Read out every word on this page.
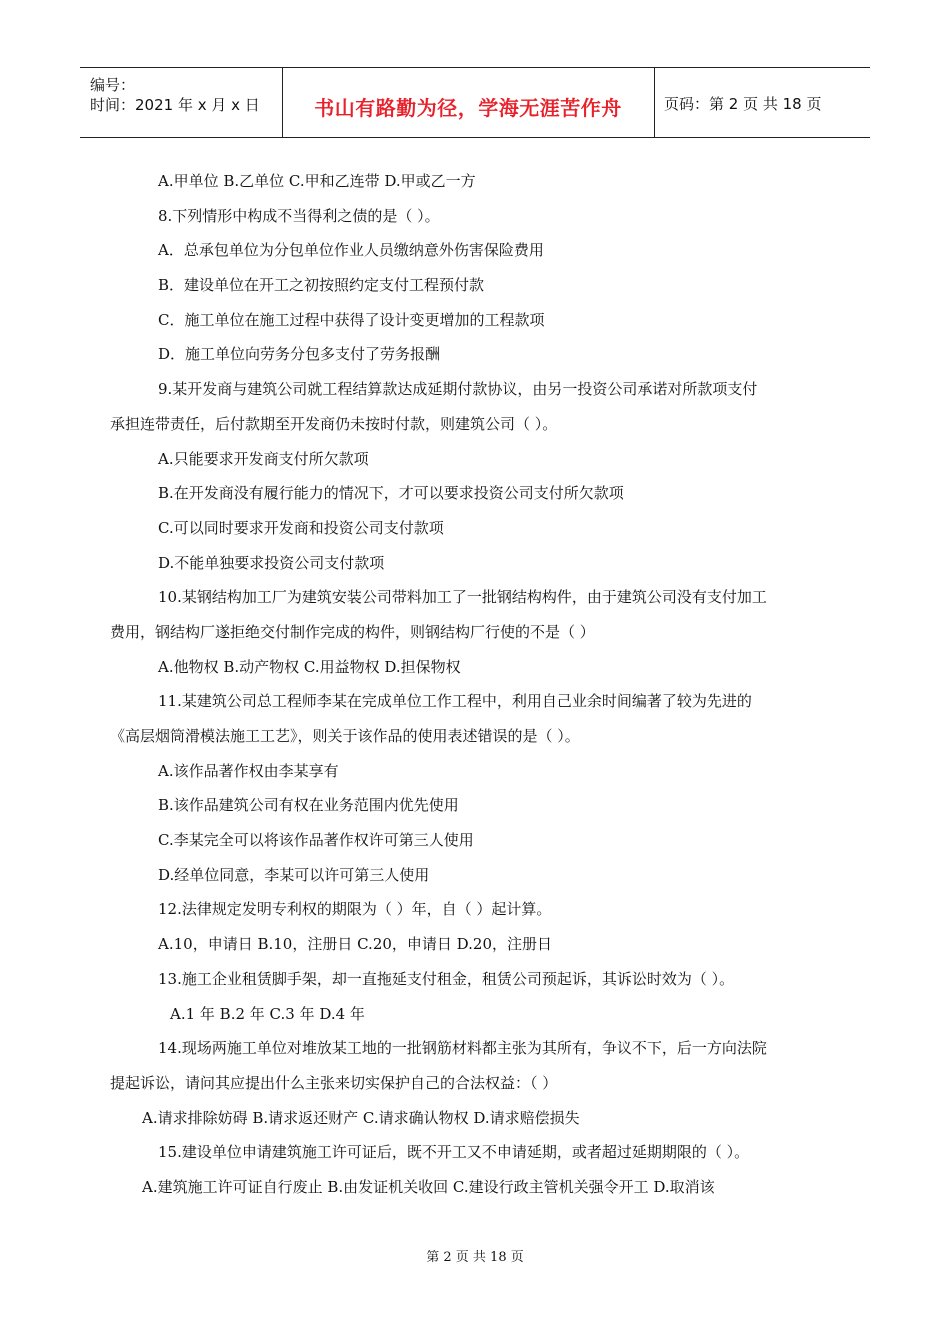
编号：
时间：2021 年 x 月 x 日	书山有路勤为径，学海无涯苦作舟	页码：第 2 页 共 18 页
A.甲单位 B.乙单位 C.甲和乙连带 D.甲或乙一方
8.下列情形中构成不当得利之债的是（ ）。
A．总承包单位为分包单位作业人员缴纳意外伤害保险费用
B．建设单位在开工之初按照约定支付工程预付款
C．施工单位在施工过程中获得了设计变更增加的工程款项
D．施工单位向劳务分包多支付了劳务报酬
9.某开发商与建筑公司就工程结算款达成延期付款协议，由另一投资公司承诺对所款项支付
承担连带责任，后付款期至开发商仍未按时付款，则建筑公司（ ）。
A.只能要求开发商支付所欠款项
B.在开发商没有履行能力的情况下，才可以要求投资公司支付所欠款项
C.可以同时要求开发商和投资公司支付款项
D.不能单独要求投资公司支付款项
10.某钢结构加工厂为建筑安装公司带料加工了一批钢结构构件，由于建筑公司没有支付加工
费用，钢结构厂遂拒绝交付制作完成的构件，则钢结构厂行使的不是（ ）
A.他物权 B.动产物权 C.用益物权 D.担保物权
11.某建筑公司总工程师李某在完成单位工作工程中，利用自己业余时间编著了较为先进的
《高层烟筒滑模法施工工艺》，则关于该作品的使用表述错误的是（ ）。
A.该作品著作权由李某享有
B.该作品建筑公司有权在业务范围内优先使用
C.李某完全可以将该作品著作权许可第三人使用
D.经单位同意，李某可以许可第三人使用
12.法律规定发明专利权的期限为（ ）年，自（ ）起计算。
A.10，申请日 B.10，注册日 C.20，申请日 D.20，注册日
13.施工企业租赁脚手架，却一直拖延支付租金，租赁公司预起诉，其诉讼时效为（ ）。
A.1 年 B.2 年 C.3 年 D.4 年
14.现场两施工单位对堆放某工地的一批钢筋材料都主张为其所有，争议不下，后一方向法院
提起诉讼，请问其应提出什么主张来切实保护自己的合法权益：（ ）
A.请求排除妨碍 B.请求返还财产 C.请求确认物权 D.请求赔偿损失
15.建设单位申请建筑施工许可证后，既不开工又不申请延期，或者超过延期期限的（ ）。
A.建筑施工许可证自行废止 B.由发证机关收回 C.建设行政主管机关强令开工 D.取消该
第 2 页 共 18 页
